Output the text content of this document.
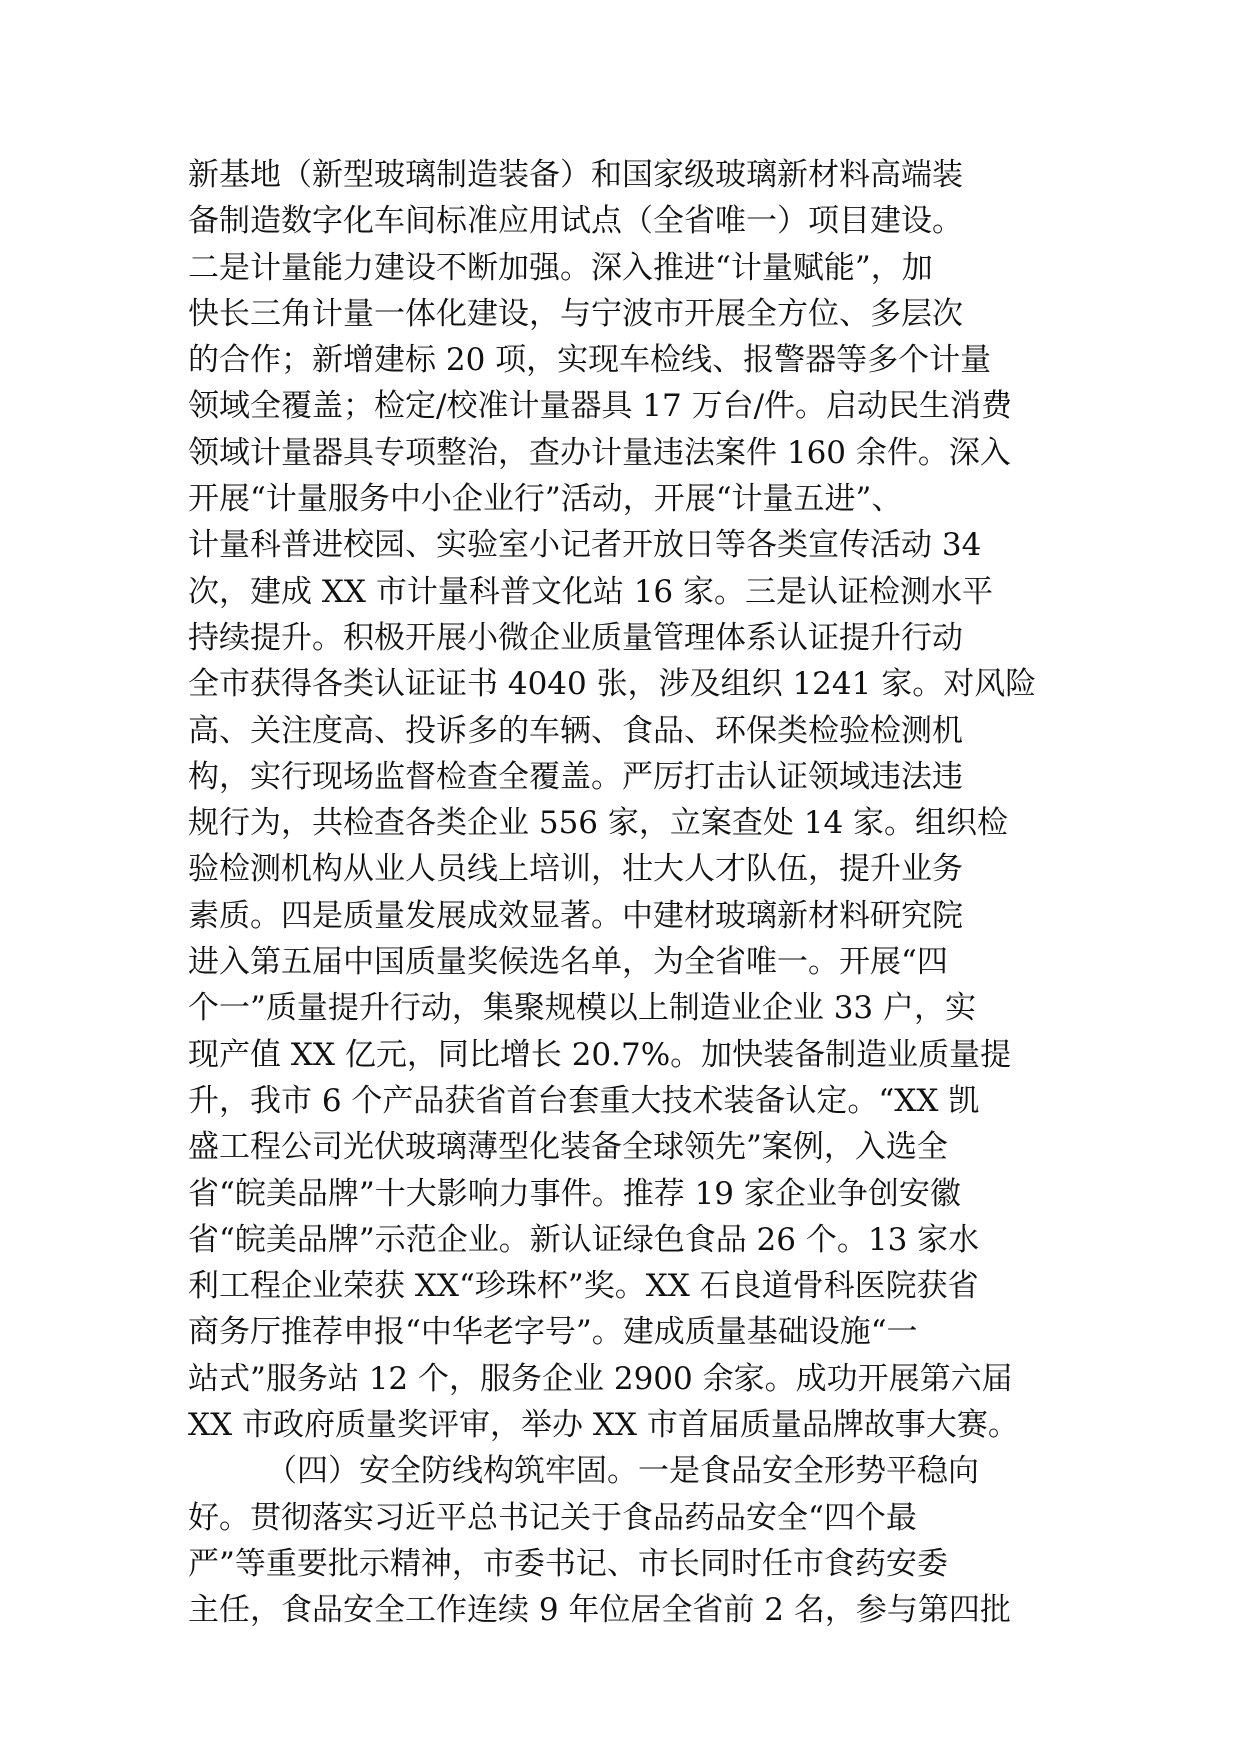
新基地（新型玻璃制造装备）和国家级玻璃新材料高端装
备制造数字化车间标准应用试点（全省唯一）项目建设。
二是计量能力建设不断加强。深入推进“计量赋能”，加
快长三角计量一体化建设，与宁波市开展全方位、多层次
的合作；新增建标 20 项，实现车检线、报警器等多个计量
领域全覆盖；检定/校准计量器具 17 万台/件。启动民生消费
领域计量器具专项整治，查办计量违法案件 160 余件。深入
开展“计量服务中小企业行”活动，开展“计量五进”、
计量科普进校园、实验室小记者开放日等各类宣传活动 34
次，建成 XX 市计量科普文化站 16 家。三是认证检测水平
持续提升。积极开展小微企业质量管理体系认证提升行动
全市获得各类认证证书 4040 张，涉及组织 1241 家。对风险
高、关注度高、投诉多的车辆、食品、环保类检验检测机
构，实行现场监督检查全覆盖。严厉打击认证领域违法违
规行为，共检查各类企业 556 家，立案查处 14 家。组织检
验检测机构从业人员线上培训，壮大人才队伍，提升业务
素质。四是质量发展成效显著。中建材玻璃新材料研究院
进入第五届中国质量奖候选名单，为全省唯一。开展“四
个一”质量提升行动，集聚规模以上制造业企业 33 户，实
现产值 XX 亿元，同比增长 20.7%。加快装备制造业质量提
升，我市 6 个产品获省首台套重大技术装备认定。“XX 凯
盛工程公司光伏玻璃薄型化装备全球领先”案例，入选全
省“皖美品牌”十大影响力事件。推荐 19 家企业争创安徽
省“皖美品牌”示范企业。新认证绿色食品 26 个。13 家水
利工程企业荣获 XX“珍珠杯”奖。XX 石良道骨科医院获省
商务厅推荐申报“中华老字号”。建成质量基础设施“一
站式”服务站 12 个，服务企业 2900 余家。成功开展第六届
XX 市政府质量奖评审，举办 XX 市首届质量品牌故事大赛。
（四）安全防线构筑牢固。一是食品安全形势平稳向
好。贯彻落实习近平总书记关于食品药品安全“四个最
严”等重要批示精神，市委书记、市长同时任市食药安委
主任，食品安全工作连续 9 年位居全省前 2 名，参与第四批
